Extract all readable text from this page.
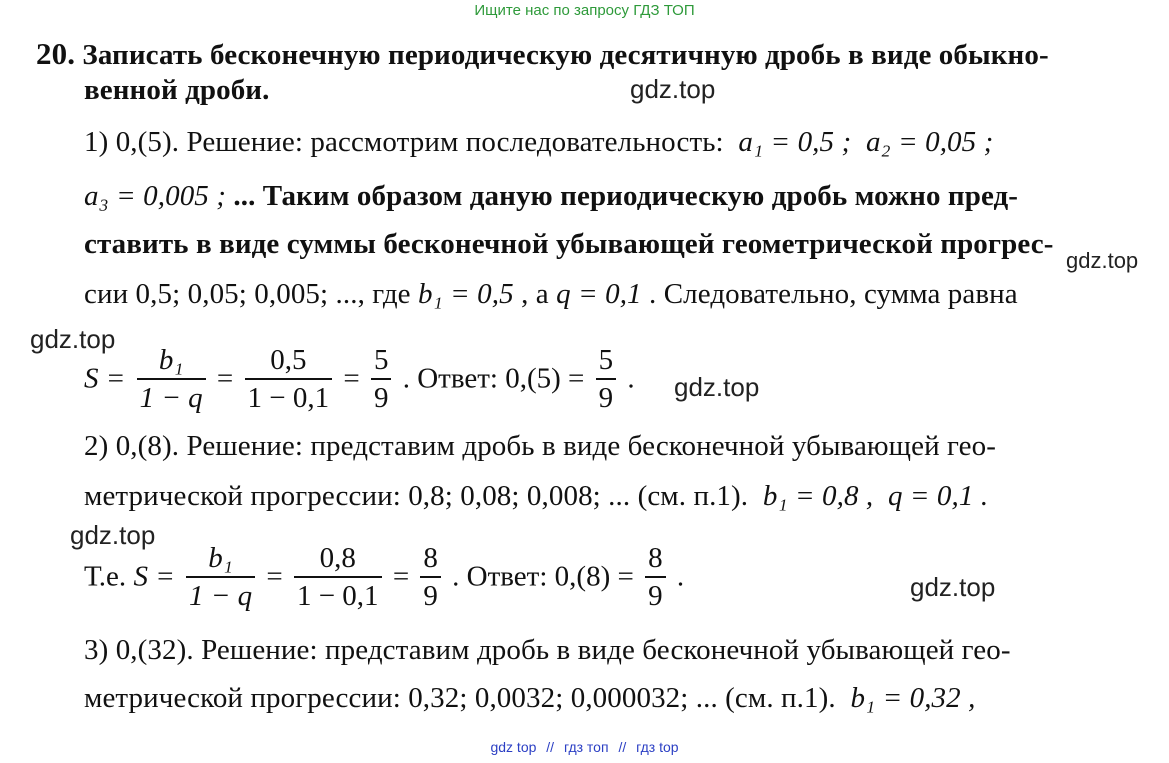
Ищите нас по запросу ГДЗ ТОП
20. Записать бесконечную периодическую десятичную дробь в виде обыкно-
венной дроби.
1) 0,(5). Решение: рассмотрим последовательность: a₁ = 0,5 ; a₂ = 0,05 ;
a₃ = 0,005 ; ... Таким образом даную периодическую дробь можно пред-
ставить в виде суммы бесконечной убывающей геометрической прогрес-
сии 0,5; 0,05; 0,005; ..., где b₁ = 0,5 , а q = 0,1 . Следовательно, сумма равна
$S = \frac{\text{b₁}}{1 - q} = \frac{0,5}{1 - 0,1} = \frac{5}{9}$ . Ответ: $0,(5) = \frac{5}{9}$ .
2) 0,(8). Решение: представим дробь в виде бесконечной убывающей гео-
метрической прогрессии: 0,8; 0,08; 0,008; ... (см. п.1). b₁ = 0,8 , q = 0,1 .
Т.е. $S = \frac{\text{b₁}}{1 - q} = \frac{0,8}{1 - 0,1} = \frac{8}{9}$ . Ответ: $0,(8) = \frac{8}{9}$ .
3) 0,(32). Решение: представим дробь в виде бесконечной убывающей гео-
метрической прогрессии: 0,32; 0,0032; 0,000032; ... (см. п.1). b₁ = 0,32 ,
gdz.top
gdz.top
gdz.top
gdz.top
gdz.top
gdz.top
gdz top // гдз топ // гдз top
